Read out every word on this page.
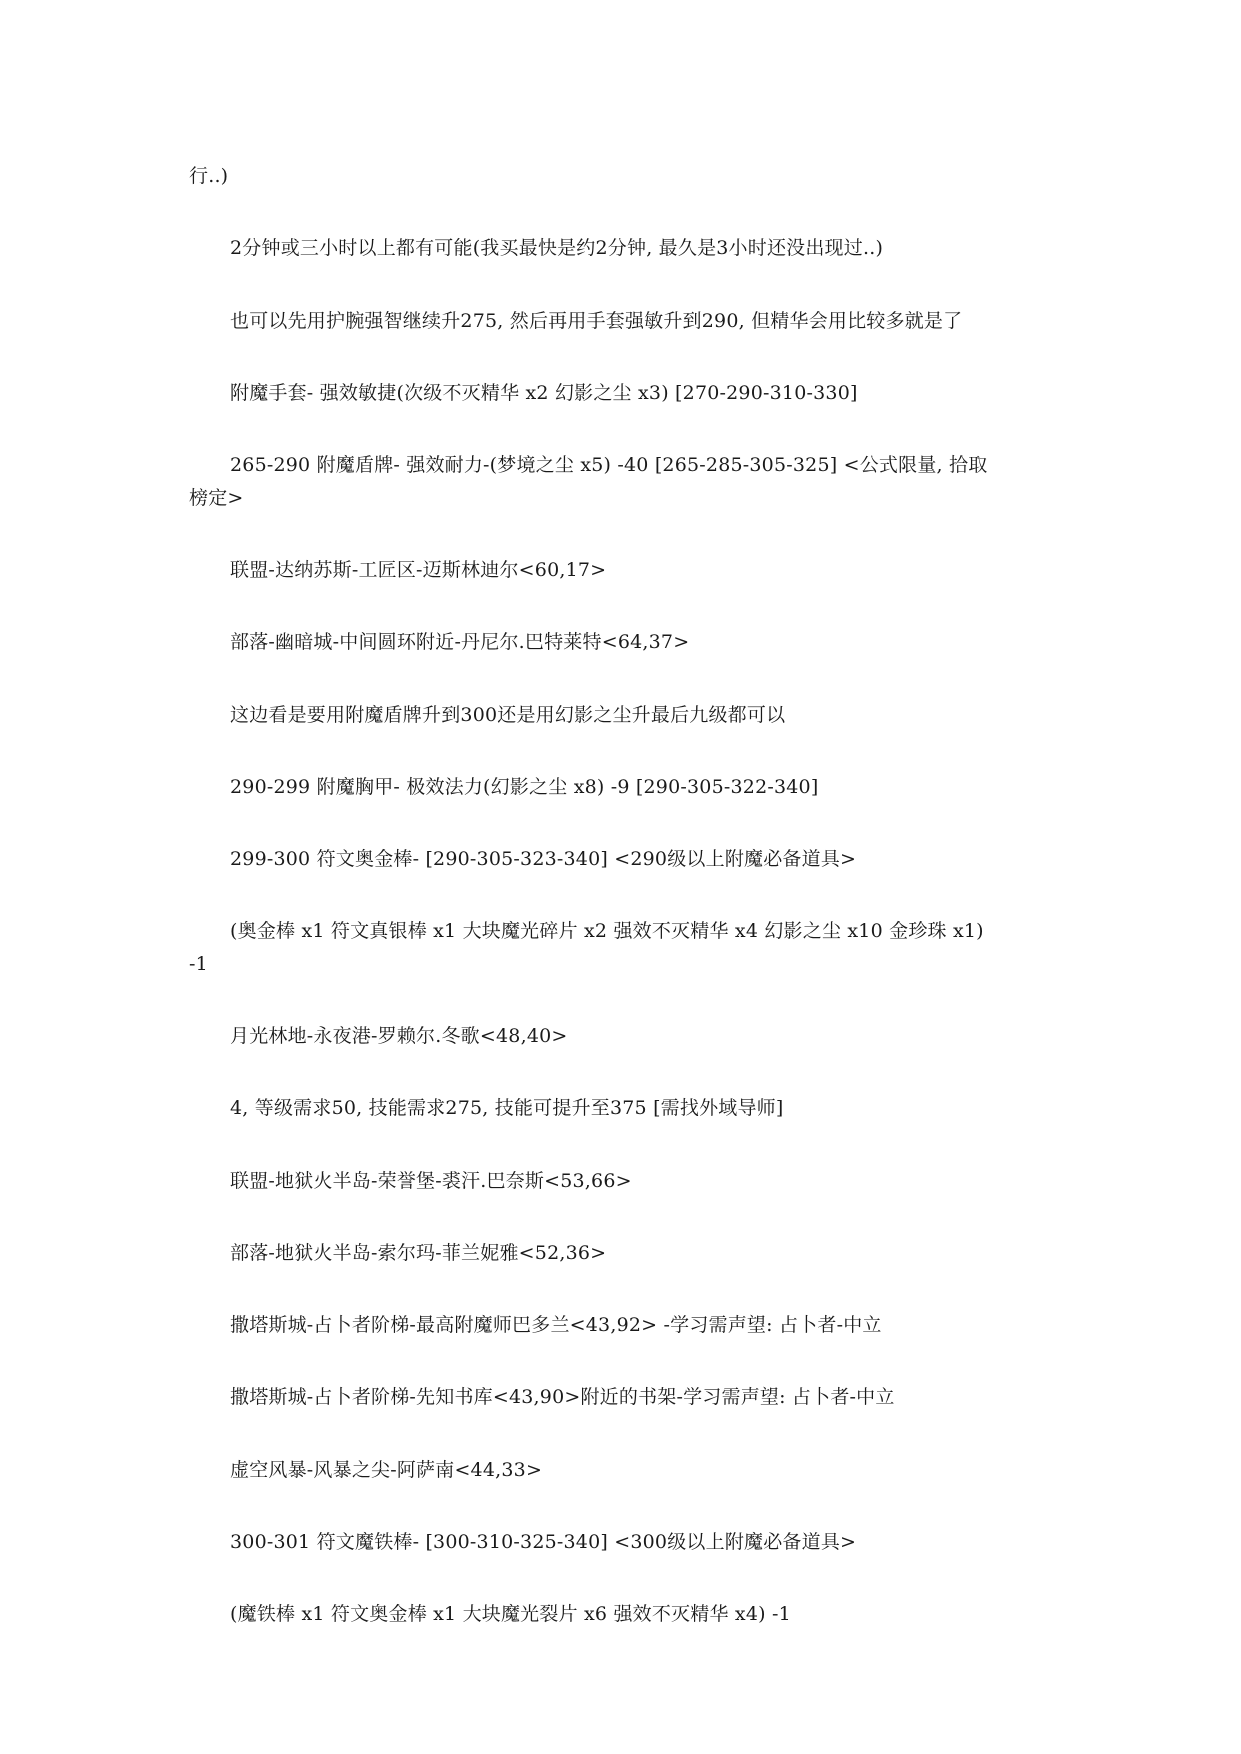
行..)
2分钟或三小时以上都有可能(我买最快是约2分钟, 最久是3小时还没出现过..)
也可以先用护腕强智继续升275, 然后再用手套强敏升到290, 但精华会用比较多就是了
附魔手套- 强效敏捷(次级不灭精华 x2 幻影之尘 x3) [270-290-310-330]
265-290 附魔盾牌- 强效耐力-(梦境之尘 x5) -40 [265-285-305-325] <公式限量, 拾取
榜定>
联盟-达纳苏斯-工匠区-迈斯林迪尔<60,17>
部落-幽暗城-中间圆环附近-丹尼尔.巴特莱特<64,37>
这边看是要用附魔盾牌升到300还是用幻影之尘升最后九级都可以
290-299 附魔胸甲- 极效法力(幻影之尘 x8) -9 [290-305-322-340]
299-300 符文奥金棒- [290-305-323-340] <290级以上附魔必备道具>
(奥金棒 x1 符文真银棒 x1 大块魔光碎片 x2 强效不灭精华 x4 幻影之尘 x10 金珍珠 x1)
-1
月光林地-永夜港-罗赖尔.冬歌<48,40>
4, 等级需求50, 技能需求275, 技能可提升至375 [需找外域导师]
联盟-地狱火半岛-荣誉堡-裘汗.巴奈斯<53,66>
部落-地狱火半岛-索尔玛-菲兰妮雅<52,36>
撒塔斯城-占卜者阶梯-最高附魔师巴多兰<43,92> -学习需声望: 占卜者-中立
撒塔斯城-占卜者阶梯-先知书库<43,90>附近的书架-学习需声望: 占卜者-中立
虚空风暴-风暴之尖-阿萨南<44,33>
300-301 符文魔铁棒- [300-310-325-340] <300级以上附魔必备道具>
(魔铁棒 x1 符文奥金棒 x1 大块魔光裂片 x6 强效不灭精华 x4) -1
